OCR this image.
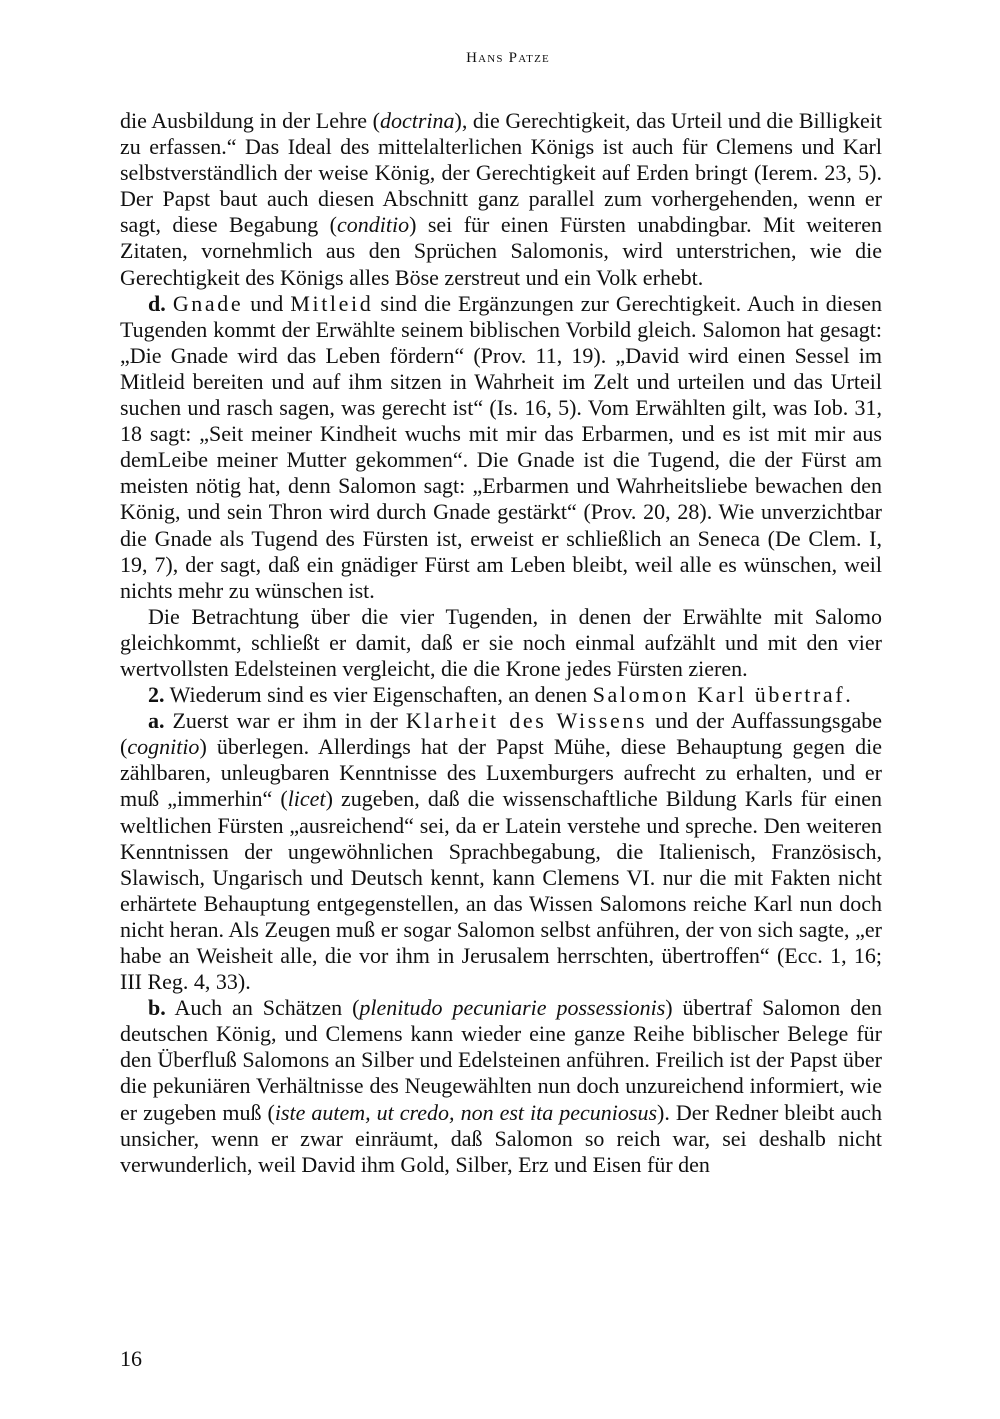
Hans Patze

die Ausbildung in der Lehre (doctrina), die Gerechtigkeit, das Urteil und die Billigkeit zu erfassen.“ Das Ideal des mittelalterlichen Königs ist auch für Clemens und Karl selbstverständlich der weise König, der Gerechtigkeit auf Erden bringt (Ierem. 23, 5). Der Papst baut auch diesen Abschnitt ganz parallel zum vorhergehenden, wenn er sagt, diese Begabung (conditio) sei für einen Fürsten unabdingbar. Mit weiteren Zitaten, vornehmlich aus den Sprüchen Salomonis, wird unterstrichen, wie die Gerechtigkeit des Königs alles Böse zerstreut und ein Volk erhebt.

d. Gnade und Mitleid sind die Ergänzungen zur Gerechtigkeit. Auch in diesen Tugenden kommt der Erwählte seinem biblischen Vorbild gleich. Salomon hat gesagt: „Die Gnade wird das Leben fördern“ (Prov. 11, 19). „David wird einen Sessel im Mitleid bereiten und auf ihm sitzen in Wahrheit im Zelt und urteilen und das Urteil suchen und rasch sagen, was gerecht ist“ (Is. 16, 5). Vom Erwählten gilt, was Iob. 31, 18 sagt: „Seit meiner Kindheit wuchs mit mir das Erbarmen, und es ist mit mir aus demLeibe meiner Mutter gekommen“. Die Gnade ist die Tugend, die der Fürst am meisten nötig hat, denn Salomon sagt: „Erbarmen und Wahrheitsliebe bewachen den König, und sein Thron wird durch Gnade gestärkt“ (Prov. 20, 28). Wie unverzichtbar die Gnade als Tugend des Fürsten ist, erweist er schließlich an Seneca (De Clem. I, 19, 7), der sagt, daß ein gnädiger Fürst am Leben bleibt, weil alle es wünschen, weil nichts mehr zu wünschen ist.

Die Betrachtung über die vier Tugenden, in denen der Erwählte mit Salomo gleichkommt, schließt er damit, daß er sie noch einmal aufzählt und mit den vier wertvollsten Edelsteinen vergleicht, die die Krone jedes Fürsten zieren.

2. Wiederum sind es vier Eigenschaften, an denen Salomon Karl übertraf.

a. Zuerst war er ihm in der Klarheit des Wissens und der Auffassungsgabe (cognitio) überlegen. Allerdings hat der Papst Mühe, diese Behauptung gegen die zählbaren, unleugbaren Kenntnisse des Luxemburgers aufrecht zu erhalten, und er muß „immerhin“ (licet) zugeben, daß die wissenschaftliche Bildung Karls für einen weltlichen Fürsten „ausreichend“ sei, da er Latein verstehe und spreche. Den weiteren Kenntnissen der ungewöhnlichen Sprachbegabung, die Italienisch, Französisch, Slawisch, Ungarisch und Deutsch kennt, kann Clemens VI. nur die mit Fakten nicht erhärtete Behauptung entgegenstellen, an das Wissen Salomons reiche Karl nun doch nicht heran. Als Zeugen muß er sogar Salomon selbst anführen, der von sich sagte, „er habe an Weisheit alle, die vor ihm in Jerusalem herrschten, übertroffen“ (Ecc. 1, 16; III Reg. 4, 33).

b. Auch an Schätzen (plenitudo pecuniarie possessionis) übertraf Salomon den deutschen König, und Clemens kann wieder eine ganze Reihe biblischer Belege für den Überfluß Salomons an Silber und Edelsteinen anführen. Freilich ist der Papst über die pekuniären Verhältnisse des Neugewählten nun doch unzureichend informiert, wie er zugeben muß (iste autem, ut credo, non est ita pecuniosus). Der Redner bleibt auch unsicher, wenn er zwar einräumt, daß Salomon so reich war, sei deshalb nicht verwunderlich, weil David ihm Gold, Silber, Erz und Eisen für den

16
